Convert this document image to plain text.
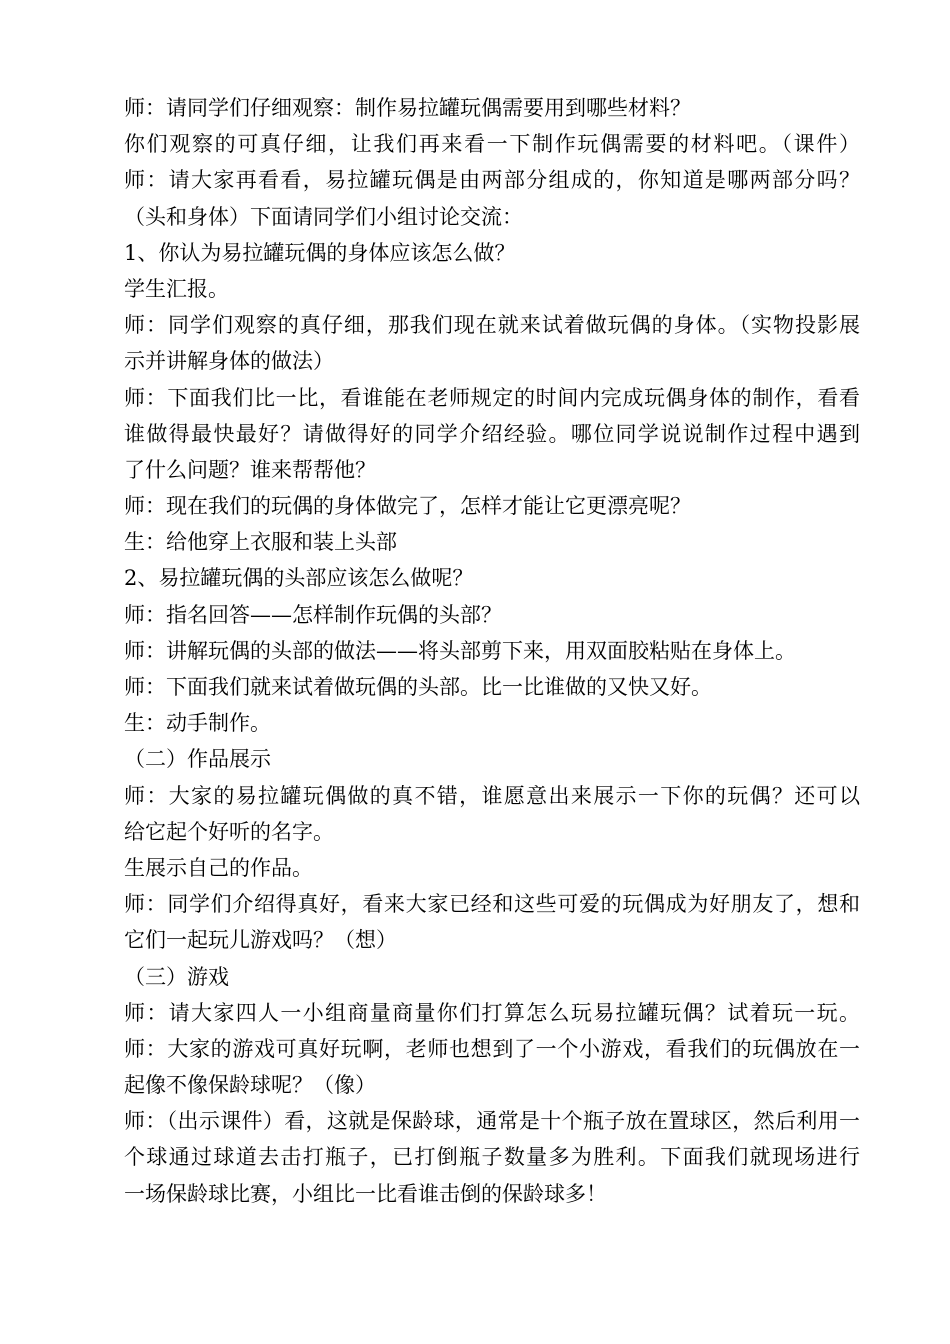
师：请同学们仔细观察：制作易拉罐玩偶需要用到哪些材料？
你们观察的可真仔细，让我们再来看一下制作玩偶需要的材料吧。（课件）
师：请大家再看看，易拉罐玩偶是由两部分组成的，你知道是哪两部分吗？
（头和身体）下面请同学们小组讨论交流：
1、你认为易拉罐玩偶的身体应该怎么做？
学生汇报。
师：同学们观察的真仔细，那我们现在就来试着做玩偶的身体。（实物投影展
示并讲解身体的做法）
师：下面我们比一比，看谁能在老师规定的时间内完成玩偶身体的制作，看看
谁做得最快最好？请做得好的同学介绍经验。哪位同学说说制作过程中遇到
了什么问题？谁来帮帮他？
师：现在我们的玩偶的身体做完了，怎样才能让它更漂亮呢？
生：给他穿上衣服和装上头部
2、易拉罐玩偶的头部应该怎么做呢？
师：指名回答——怎样制作玩偶的头部？
师：讲解玩偶的头部的做法——将头部剪下来，用双面胶粘贴在身体上。
师：下面我们就来试着做玩偶的头部。比一比谁做的又快又好。
生：动手制作。
（二）作品展示
师：大家的易拉罐玩偶做的真不错，谁愿意出来展示一下你的玩偶？还可以
给它起个好听的名字。
生展示自己的作品。
师：同学们介绍得真好，看来大家已经和这些可爱的玩偶成为好朋友了，想和
它们一起玩儿游戏吗？（想）
（三）游戏
师：请大家四人一小组商量商量你们打算怎么玩易拉罐玩偶？试着玩一玩。
师：大家的游戏可真好玩啊，老师也想到了一个小游戏，看我们的玩偶放在一
起像不像保龄球呢？（像）
师：（出示课件）看，这就是保龄球，通常是十个瓶子放在置球区，然后利用一
个球通过球道去击打瓶子，已打倒瓶子数量多为胜利。下面我们就现场进行
一场保龄球比赛，小组比一比看谁击倒的保龄球多！
